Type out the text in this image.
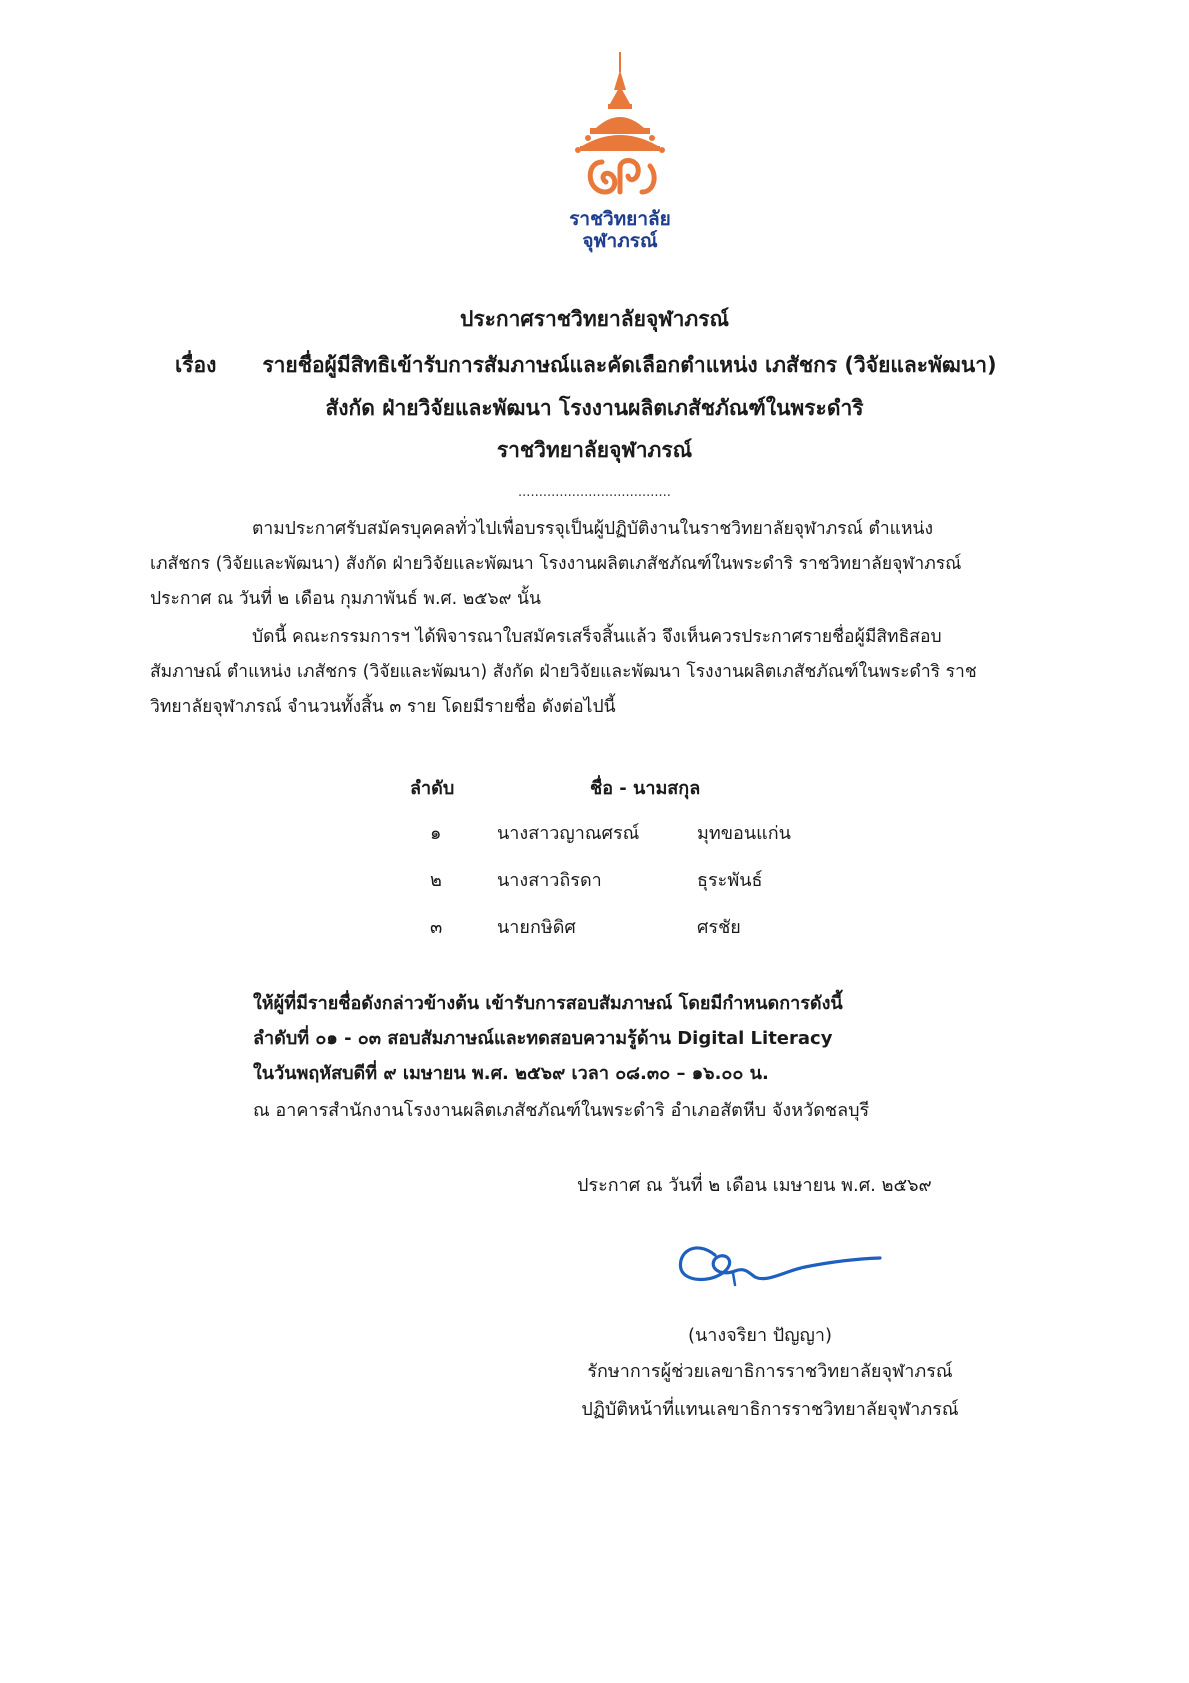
ราชวิทยาลัย
จุฬาภรณ์
ประกาศราชวิทยาลัยจุฬาภรณ์
เรื่อง รายชื่อผู้มีสิทธิเข้ารับการสัมภาษณ์และคัดเลือกตำแหน่ง เภสัชกร (วิจัยและพัฒนา)
สังกัด ฝ่ายวิจัยและพัฒนา โรงงานผลิตเภสัชภัณฑ์ในพระดำริ
ราชวิทยาลัยจุฬาภรณ์
.....................................
ตามประกาศรับสมัครบุคคลทั่วไปเพื่อบรรจุเป็นผู้ปฏิบัติงานในราชวิทยาลัยจุฬาภรณ์ ตำแหน่ง
เภสัชกร (วิจัยและพัฒนา) สังกัด ฝ่ายวิจัยและพัฒนา โรงงานผลิตเภสัชภัณฑ์ในพระดำริ ราชวิทยาลัยจุฬาภรณ์
ประกาศ ณ วันที่ ๒ เดือน กุมภาพันธ์ พ.ศ. ๒๕๖๙ นั้น
บัดนี้ คณะกรรมการฯ ได้พิจารณาใบสมัครเสร็จสิ้นแล้ว จึงเห็นควรประกาศรายชื่อผู้มีสิทธิสอบ
สัมภาษณ์ ตำแหน่ง เภสัชกร (วิจัยและพัฒนา) สังกัด ฝ่ายวิจัยและพัฒนา โรงงานผลิตเภสัชภัณฑ์ในพระดำริ ราช
วิทยาลัยจุฬาภรณ์ จำนวนทั้งสิ้น ๓ ราย โดยมีรายชื่อ ดังต่อไปนี้
ลำดับ	ชื่อ - นามสกุล
๑	นางสาวญาณศรณ์	มุทขอนแก่น
๒	นางสาวถิรดา	ธุระพันธ์
๓	นายกษิดิศ	ศรชัย
ให้ผู้ที่มีรายชื่อดังกล่าวข้างต้น เข้ารับการสอบสัมภาษณ์ โดยมีกำหนดการดังนี้
ลำดับที่ ๐๑ - ๐๓ สอบสัมภาษณ์และทดสอบความรู้ด้าน Digital Literacy
ในวันพฤหัสบดีที่ ๙ เมษายน พ.ศ. ๒๕๖๙ เวลา ๐๘.๓๐ – ๑๖.๐๐ น.
ณ อาคารสำนักงานโรงงานผลิตเภสัชภัณฑ์ในพระดำริ อำเภอสัตหีบ จังหวัดชลบุรี
ประกาศ ณ วันที่ ๒ เดือน เมษายน พ.ศ. ๒๕๖๙
(นางจริยา ปัญญา)
รักษาการผู้ช่วยเลขาธิการราชวิทยาลัยจุฬาภรณ์
ปฏิบัติหน้าที่แทนเลขาธิการราชวิทยาลัยจุฬาภรณ์
